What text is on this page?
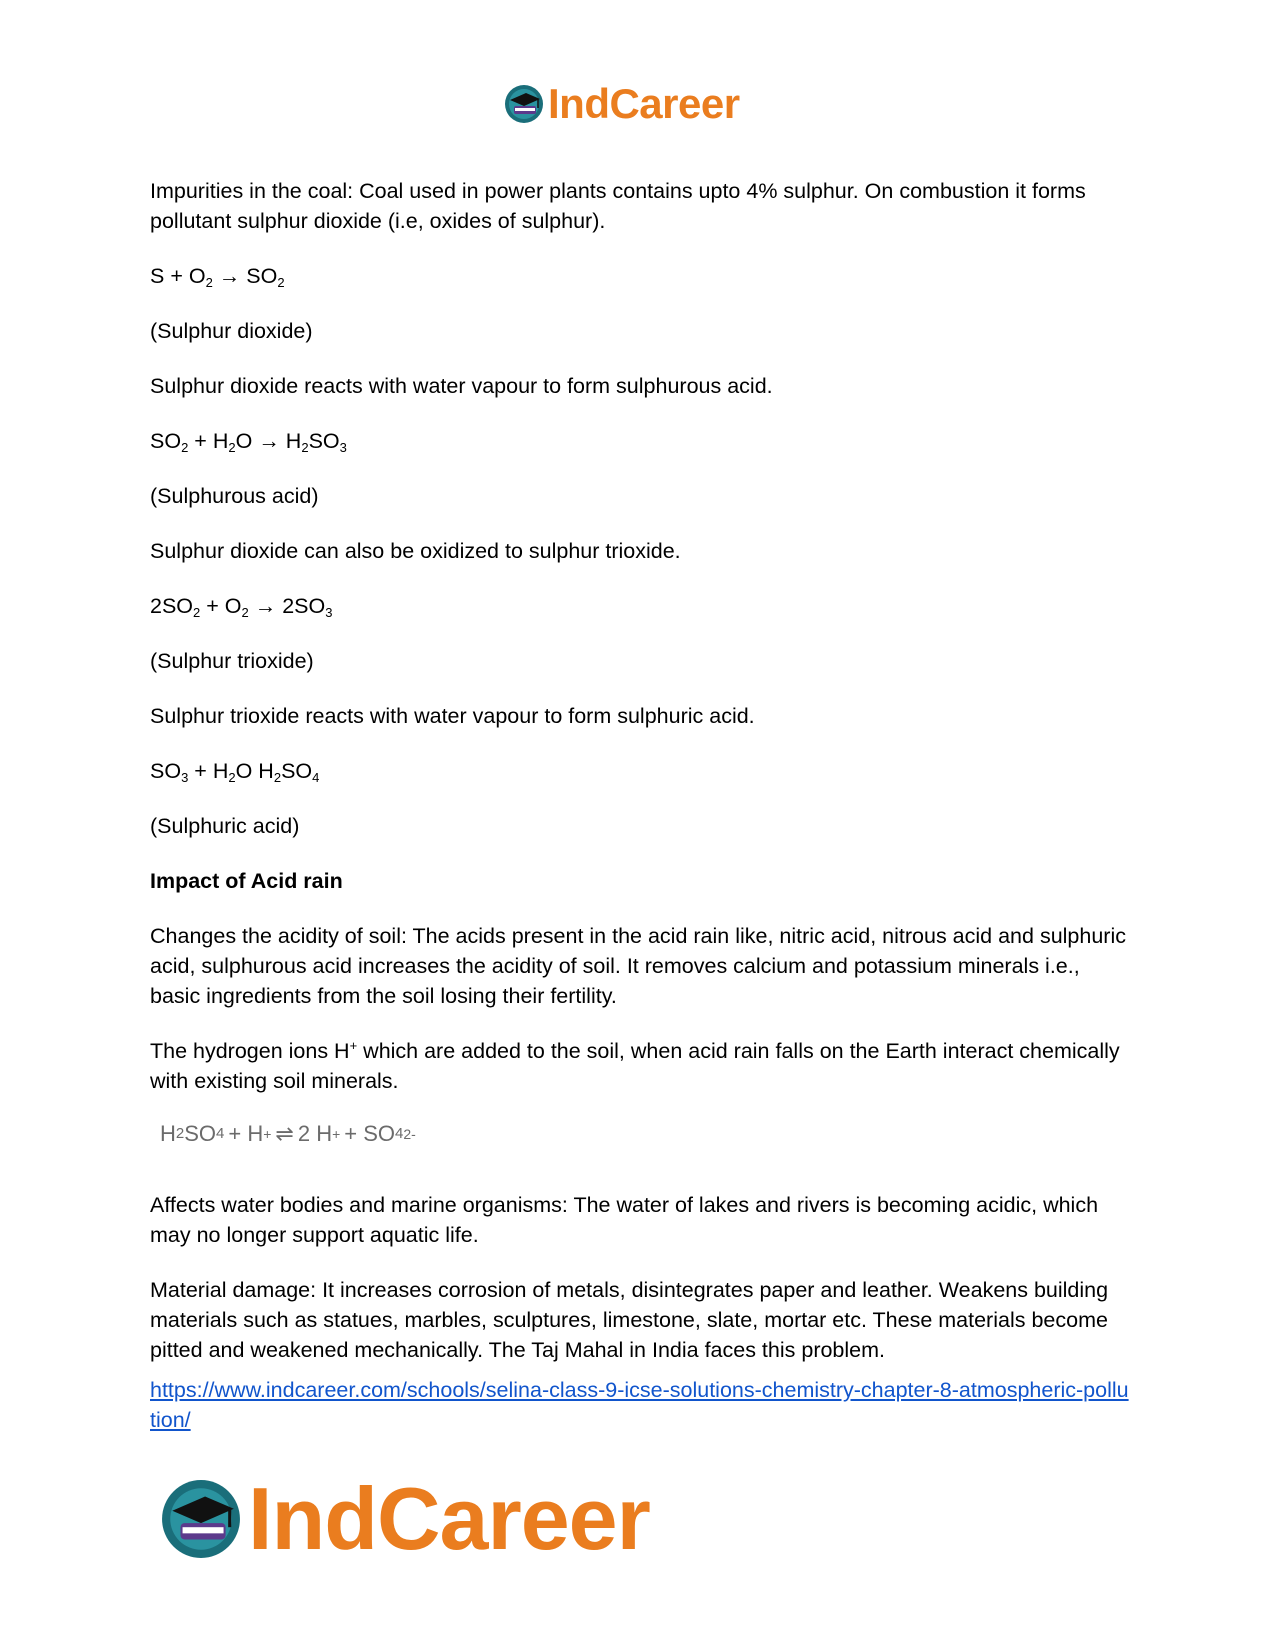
IndCareer

Impurities in the coal: Coal used in power plants contains upto 4% sulphur. On combustion it forms pollutant sulphur dioxide (i.e, oxides of sulphur).

$S + O_2 \to SO_2$

(Sulphur dioxide)

Sulphur dioxide reacts with water vapour to form sulphurous acid.

$SO_2 + H_2O \to H_2SO_3$

(Sulphurous acid)

Sulphur dioxide can also be oxidized to sulphur trioxide.

$2SO_2 + O_2 \to 2SO_3$

(Sulphur trioxide)

Sulphur trioxide reacts with water vapour to form sulphuric acid.

$SO_3 + H_2O$ $H_2SO_4$

(Sulphuric acid)

Impact of Acid rain

Changes the acidity of soil: The acids present in the acid rain like, nitric acid, nitrous acid and sulphuric acid, sulphurous acid increases the acidity of soil. It removes calcium and potassium minerals i.e., basic ingredients from the soil losing their fertility.

The hydrogen ions H+ which are added to the soil, when acid rain falls on the Earth interact chemically with existing soil minerals.

H 2 SO 4 + H + ⇌ 2 H + + SO 4 2-

Affects water bodies and marine organisms: The water of lakes and rivers is becoming acidic, which may no longer support aquatic life.

Material damage: It increases corrosion of metals, disintegrates paper and leather. Weakens building materials such as statues, marbles, sculptures, limestone, slate, mortar etc. These materials become pitted and weakened mechanically. The Taj Mahal in India faces this problem.

https://www.indcareer.com/schools/selina-class-9-icse-solutions-chemistry-chapter-8-atmospheric-pollution/
IndCareer
